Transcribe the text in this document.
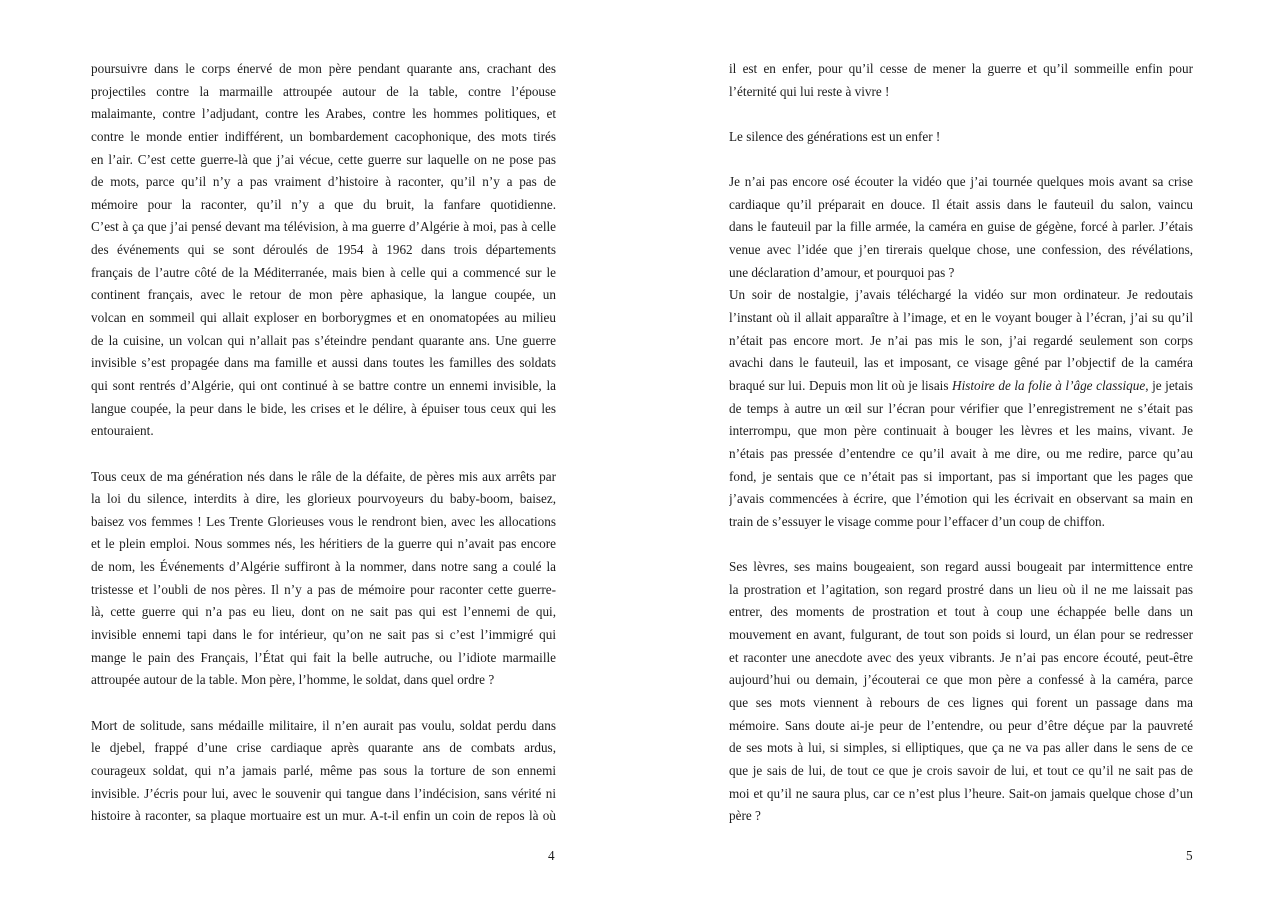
poursuivre dans le corps énervé de mon père pendant quarante ans, crachant des
projectiles contre la marmaille attroupée autour de la table, contre l’épouse
malaimante, contre l’adjudant, contre les Arabes, contre les hommes politiques, et
contre le monde entier indifférent, un bombardement cacophonique, des mots tirés
en l’air. C’est cette guerre-là que j’ai vécue, cette guerre sur laquelle on ne pose pas
de mots, parce qu’il n’y a pas vraiment d’histoire à raconter, qu’il n’y a pas de
mémoire pour la raconter, qu’il n’y a que du bruit, la fanfare quotidienne.
C’est à ça que j’ai pensé devant ma télévision, à ma guerre d’Algérie à moi, pas à celle
des événements qui se sont déroulés de 1954 à 1962 dans trois départements
français de l’autre côté de la Méditerranée, mais bien à celle qui a commencé sur le
continent français, avec le retour de mon père aphasique, la langue coupée, un
volcan en sommeil qui allait exploser en borborygmes et en onomatopées au milieu
de la cuisine, un volcan qui n’allait pas s’éteindre pendant quarante ans. Une guerre
invisible s’est propagée dans ma famille et aussi dans toutes les familles des soldats
qui sont rentrés d’Algérie, qui ont continué à se battre contre un ennemi invisible, la
langue coupée, la peur dans le bide, les crises et le délire, à épuiser tous ceux qui les
entouraient.
Tous ceux de ma génération nés dans le râle de la défaite, de pères mis aux arrêts par
la loi du silence, interdits à dire, les glorieux pourvoyeurs du baby-boom, baisez,
baisez vos femmes ! Les Trente Glorieuses vous le rendront bien, avec les allocations
et le plein emploi. Nous sommes nés, les héritiers de la guerre qui n’avait pas encore
de nom, les Événements d’Algérie suffiront à la nommer, dans notre sang a coulé la
tristesse et l’oubli de nos pères. Il n’y a pas de mémoire pour raconter cette guerre-
là, cette guerre qui n’a pas eu lieu, dont on ne sait pas qui est l’ennemi de qui,
invisible ennemi tapi dans le for intérieur, qu’on ne sait pas si c’est l’immigré qui
mange le pain des Français, l’État qui fait la belle autruche, ou l’idiote marmaille
attroupée autour de la table. Mon père, l’homme, le soldat, dans quel ordre ?
Mort de solitude, sans médaille militaire, il n’en aurait pas voulu, soldat perdu dans
le djebel, frappé d’une crise cardiaque après quarante ans de combats ardus,
courageux soldat, qui n’a jamais parlé, même pas sous la torture de son ennemi
invisible. J’écris pour lui, avec le souvenir qui tangue dans l’indécision, sans vérité ni
histoire à raconter, sa plaque mortuaire est un mur. A-t-il enfin un coin de repos là où
il est en enfer, pour qu’il cesse de mener la guerre et qu’il sommeille enfin pour
l’éternité qui lui reste à vivre !
Le silence des générations est un enfer !
Je n’ai pas encore osé écouter la vidéo que j’ai tournée quelques mois avant sa crise
cardiaque qu’il préparait en douce. Il était assis dans le fauteuil du salon, vaincu
dans le fauteuil par la fille armée, la caméra en guise de gégène, forcé à parler. J’étais
venue avec l’idée que j’en tirerais quelque chose, une confession, des révélations,
une déclaration d’amour, et pourquoi pas ?
Un soir de nostalgie, j’avais téléchargé la vidéo sur mon ordinateur. Je redoutais
l’instant où il allait apparaître à l’image, et en le voyant bouger à l’écran, j’ai su qu’il
n’était pas encore mort. Je n’ai pas mis le son, j’ai regardé seulement son corps
avachi dans le fauteuil, las et imposant, ce visage gêné par l’objectif de la caméra
braqué sur lui. Depuis mon lit où je lisais Histoire de la folie à l’âge classique, je jetais
de temps à autre un œil sur l’écran pour vérifier que l’enregistrement ne s’était pas
interrompu, que mon père continuait à bouger les lèvres et les mains, vivant. Je
n’étais pas pressée d’entendre ce qu’il avait à me dire, ou me redire, parce qu’au
fond, je sentais que ce n’était pas si important, pas si important que les pages que
j’avais commencées à écrire, que l’émotion qui les écrivait en observant sa main en
train de s’essuyer le visage comme pour l’effacer d’un coup de chiffon.
Ses lèvres, ses mains bougeaient, son regard aussi bougeait par intermittence entre
la prostration et l’agitation, son regard prostré dans un lieu où il ne me laissait pas
entrer, des moments de prostration et tout à coup une échappée belle dans un
mouvement en avant, fulgurant, de tout son poids si lourd, un élan pour se redresser
et raconter une anecdote avec des yeux vibrants. Je n’ai pas encore écouté, peut-être
aujourd’hui ou demain, j’écouterai ce que mon père a confessé à la caméra, parce
que ses mots viennent à rebours de ces lignes qui forent un passage dans ma
mémoire. Sans doute ai-je peur de l’entendre, ou peur d’être déçue par la pauvreté
de ses mots à lui, si simples, si elliptiques, que ça ne va pas aller dans le sens de ce
que je sais de lui, de tout ce que je crois savoir de lui, et tout ce qu’il ne sait pas de
moi et qu’il ne saura plus, car ce n’est plus l’heure. Sait-on jamais quelque chose d’un
père ?
4	5
